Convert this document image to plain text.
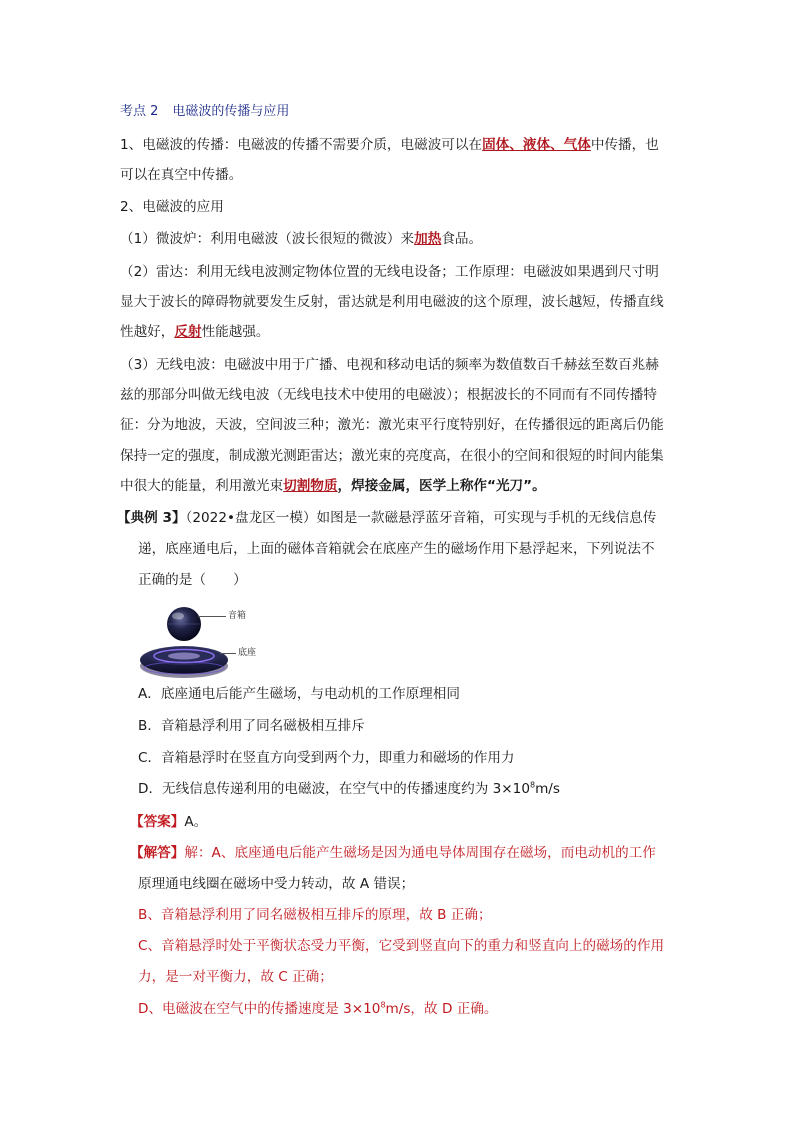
考点 2 电磁波的传播与应用
1、电磁波的传播：电磁波的传播不需要介质，电磁波可以在固体、液体、气体中传播，也
可以在真空中传播。
2、电磁波的应用
（1）微波炉：利用电磁波（波长很短的微波）来加热食品。
（2）雷达：利用无线电波测定物体位置的无线电设备；工作原理：电磁波如果遇到尺寸明
显大于波长的障碍物就要发生反射，雷达就是利用电磁波的这个原理，波长越短，传播直线
性越好，反射性能越强。
（3）无线电波：电磁波中用于广播、电视和移动电话的频率为数值数百千赫兹至数百兆赫
兹的那部分叫做无线电波（无线电技术中使用的电磁波）；根据波长的不同而有不同传播特
征：分为地波，天波，空间波三种；激光：激光束平行度特别好，在传播很远的距离后仍能
保持一定的强度，制成激光测距雷达；激光束的亮度高，在很小的空间和很短的时间内能集
中很大的能量，利用激光束切割物质，焊接金属，医学上称作“光刀”。
【典例 3】（2022•盘龙区一模）如图是一款磁悬浮蓝牙音箱，可实现与手机的无线信息传
递，底座通电后，上面的磁体音箱就会在底座产生的磁场作用下悬浮起来，下列说法不
正确的是（　　）
音箱
底座
A．底座通电后能产生磁场，与电动机的工作原理相同
B．音箱悬浮利用了同名磁极相互排斥
C．音箱悬浮时在竖直方向受到两个力，即重力和磁场的作用力
D．无线信息传递利用的电磁波，在空气中的传播速度约为 $3\times 10^8m/s$
【答案】A。
【解答】解：A、底座通电后能产生磁场是因为通电导体周围存在磁场，而电动机的工作
原理通电线圈在磁场中受力转动，故 A 错误；
B、音箱悬浮利用了同名磁极相互排斥的原理，故 B 正确；
C、音箱悬浮时处于平衡状态受力平衡，它受到竖直向下的重力和竖直向上的磁场的作用
力，是一对平衡力，故 C 正确；
D、电磁波在空气中的传播速度是 $3\times 10^8m/s$，故 D 正确。
